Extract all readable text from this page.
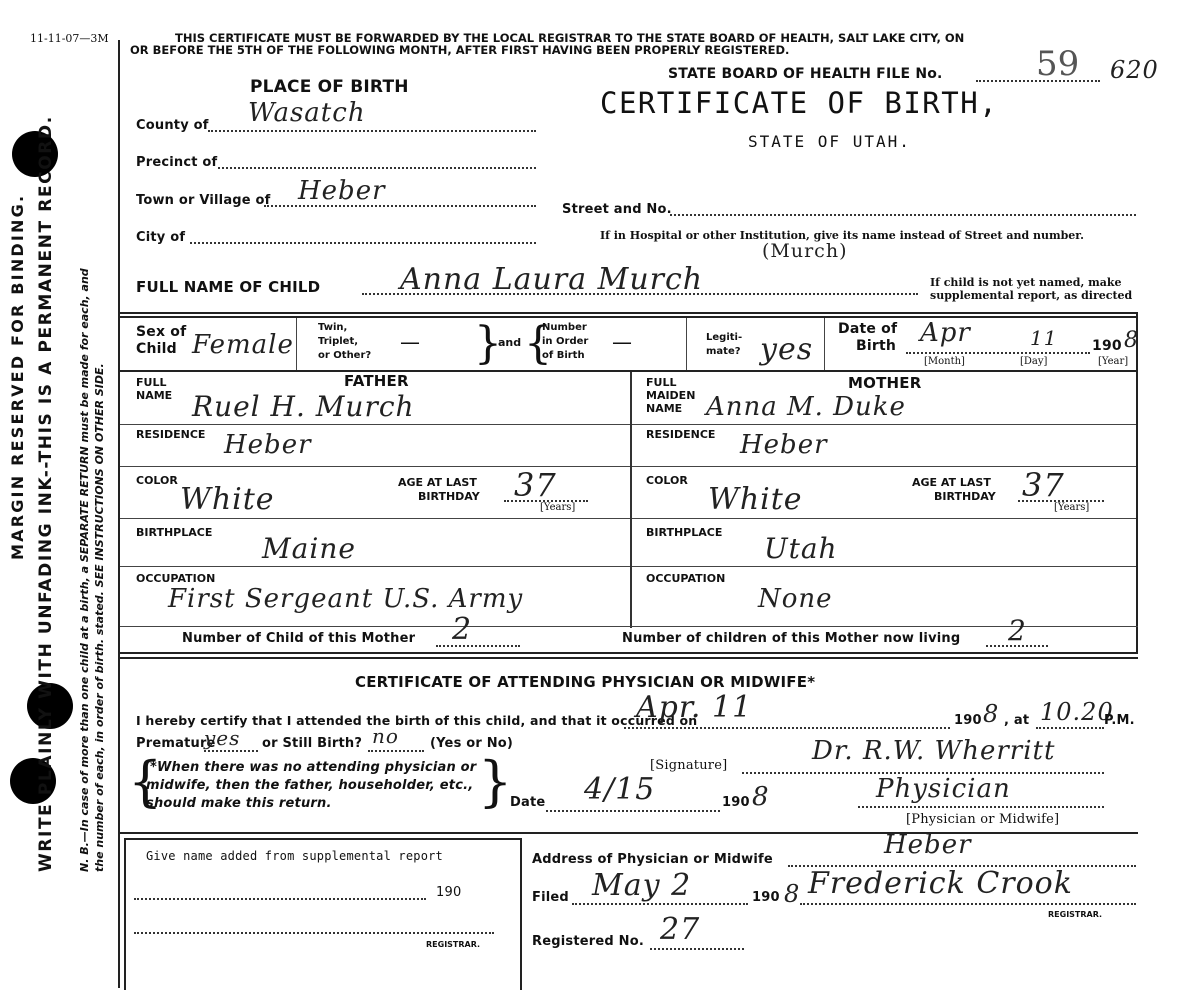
WRITE PLAINLY WITH UNFADING INK--THIS IS A PERMANENT RECORD.
MARGIN RESERVED FOR BINDING.	N. B.—In case of more than one child at a birth, a SEPARATE RETURN must be made for each, and the number of each, in order of birth. stated. SEE INSTRUCTIONS ON OTHER SIDE.
11-11-07—3M	THIS CERTIFICATE MUST BE FORWARDED BY THE LOCAL REGISTRAR TO THE STATE BOARD OF HEALTH, SALT LAKE CITY, ON
OR BEFORE THE 5TH OF THE FOLLOWING MONTH, AFTER FIRST HAVING BEEN PROPERLY REGISTERED.
PLACE OF BIRTH
STATE BOARD OF HEALTH FILE No.	59 620
CERTIFICATE OF BIRTH,
STATE OF UTAH.
County of Wasatch
Precinct of
Town or Village of Heber
Street and No.
City of	If in Hospital or other Institution, give its name instead of Street and number.
FULL NAME OF CHILD	Anna Laura Murch
(Murch)
If child is not yet named, make
supplemental report, as directed
Sex of
Child Female
Twin,
Triplet,
or Other?
— }
and {
Number
in Order
of Birth
—	Legiti-
mate? yes
Date of
Birth Apr	11 190 8
[Month]	[Day]	[Year]
FULL
NAME
FATHER
Ruel H. Murch
RESIDENCE Heber
COLOR
White	AGE AT LAST
BIRTHDAY 37
[Years]
BIRTHPLACE Maine
OCCUPATION
First Sergeant U.S. Army
FULL
MAIDEN
NAME
MOTHER
Anna M. Duke
RESIDENCE Heber
COLOR
White	AGE AT LAST
BIRTHDAY 37
[Years]
BIRTHPLACE Utah
OCCUPATION
None
Number of Child of this Mother 2	Number of children of this Mother now living 2
CERTIFICATE OF ATTENDING PHYSICIAN OR MIDWIFE*
I hereby certify that I attended the birth of this child, and that it occurred on
Apr. 11	190 8 , at 10.20
P.M.
Premature
yes or Still Birth? no (Yes or No)
{
*When there was no attending physician or
midwife, then the father, householder, etc.,
should make this return.	}	[Signature]	Dr. R.W. Wherritt
Date 4/15	190 8	Physician
[Physician or Midwife]
Give name added from supplemental report
190
REGISTRAR.
Address of Physician or Midwife	Heber
Filed May 2	190 8 Frederick Crook
REGISTRAR.
Registered No. 27
